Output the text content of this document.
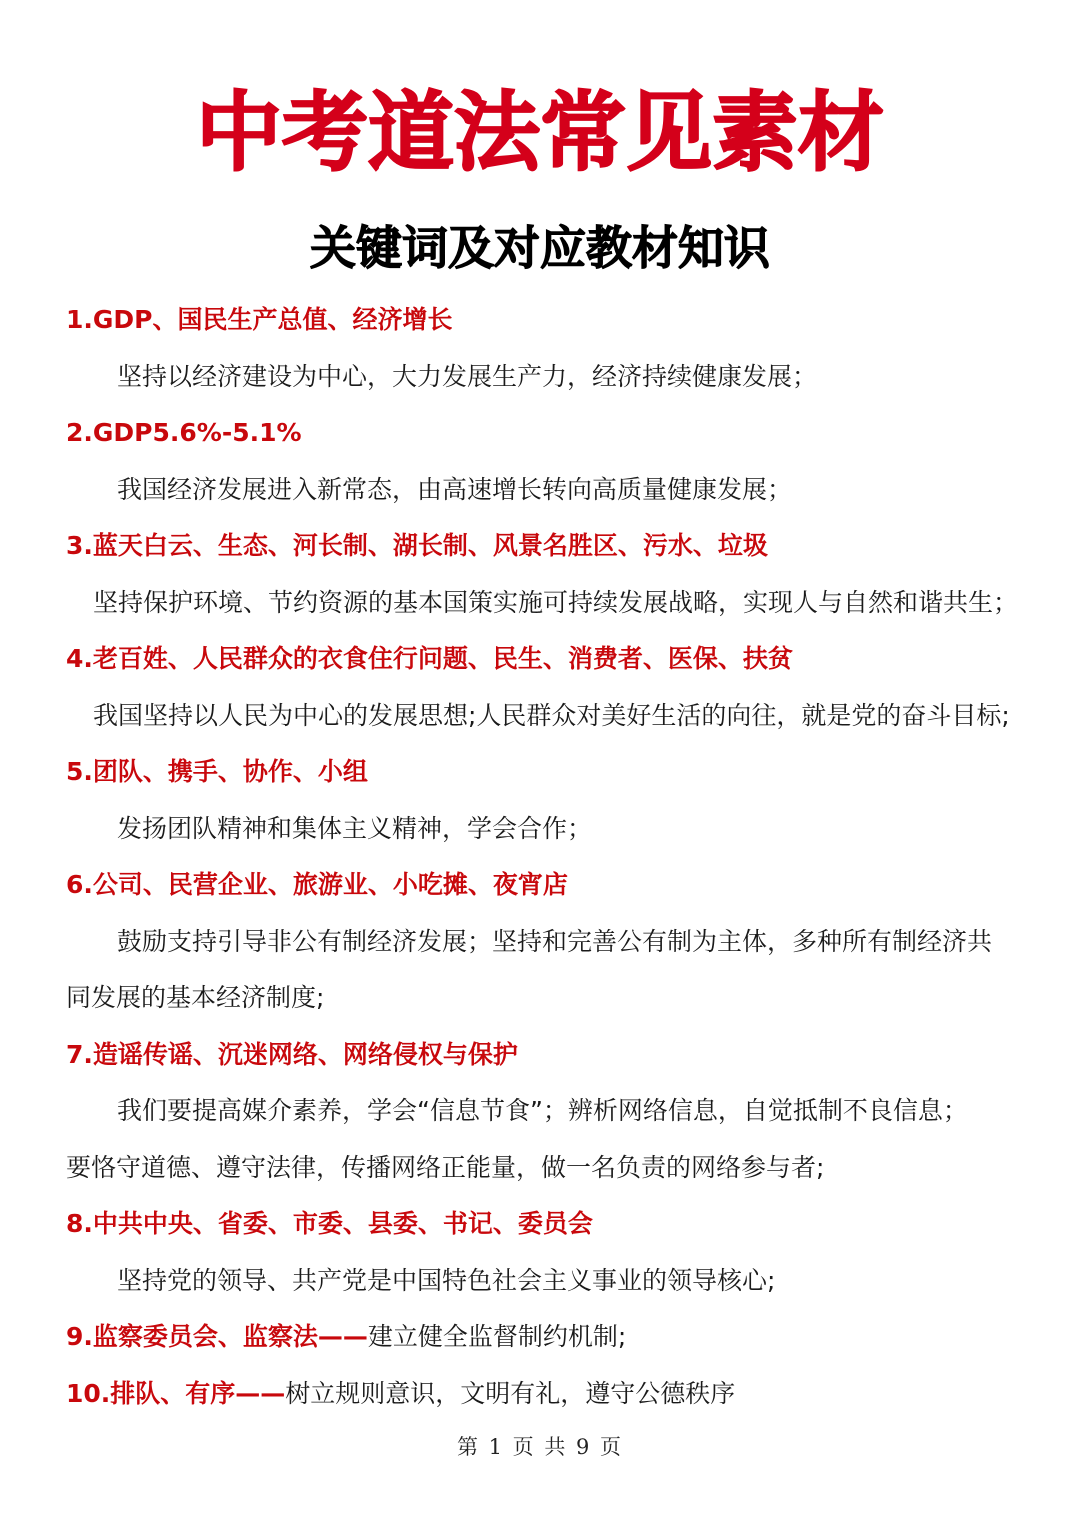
中考道法常见素材
关键词及对应教材知识
1.GDP、国民生产总值、经济增长
坚持以经济建设为中心，大力发展生产力，经济持续健康发展；
2.GDP5.6%-5.1%
我国经济发展进入新常态，由高速增长转向高质量健康发展；
3.蓝天白云、生态、河长制、湖长制、风景名胜区、污水、垃圾
坚持保护环境、节约资源的基本国策实施可持续发展战略，实现人与自然和谐共生；
4.老百姓、人民群众的衣食住行问题、民生、消费者、医保、扶贫
我国坚持以人民为中心的发展思想;人民群众对美好生活的向往，就是党的奋斗目标;
5.团队、携手、协作、小组
发扬团队精神和集体主义精神，学会合作；
6.公司、民营企业、旅游业、小吃摊、夜宵店
鼓励支持引导非公有制经济发展；坚持和完善公有制为主体，多种所有制经济共
同发展的基本经济制度;
7.造谣传谣、沉迷网络、网络侵权与保护
我们要提高媒介素养，学会“信息节食”；辨析网络信息，自觉抵制不良信息；
要恪守道德、遵守法律，传播网络正能量，做一名负责的网络参与者;
8.中共中央、省委、市委、县委、书记、委员会
坚持党的领导、共产党是中国特色社会主义事业的领导核心;
9.监察委员会、监察法——建立健全监督制约机制;
10.排队、有序——树立规则意识，文明有礼，遵守公德秩序
第 1 页 共 9 页
